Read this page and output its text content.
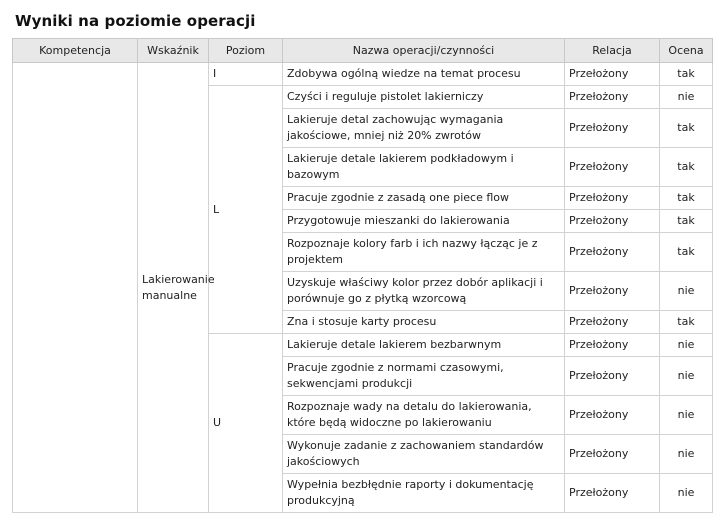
Wyniki na poziomie operacji
Kompetencja	Wskaźnik	Poziom	Nazwa operacji/czynności	Relacja	Ocena
	Lakierowanie manualne	I	Zdobywa ogólną wiedze na temat procesu	Przełożony	tak
		L	Czyści i reguluje pistolet lakierniczy	Przełożony	nie
			Lakieruje detal zachowując wymagania jakościowe, mniej niż 20% zwrotów	Przełożony	tak
			Lakieruje detale lakierem podkładowym i bazowym	Przełożony	tak
			Pracuje zgodnie z zasadą one piece flow	Przełożony	tak
			Przygotowuje mieszanki do lakierowania	Przełożony	tak
			Rozpoznaje kolory farb i ich nazwy łącząc je z projektem	Przełożony	tak
			Uzyskuje właściwy kolor przez dobór aplikacji i porównuje go z płytką wzorcową	Przełożony	nie
			Zna i stosuje karty procesu	Przełożony	tak
		U	Lakieruje detale lakierem bezbarwnym	Przełożony	nie
			Pracuje zgodnie z normami czasowymi, sekwencjami produkcji	Przełożony	nie
			Rozpoznaje wady na detalu do lakierowania, które będą widoczne po lakierowaniu	Przełożony	nie
			Wykonuje zadanie z zachowaniem standardów jakościowych	Przełożony	nie
			Wypełnia bezbłędnie raporty i dokumentację produkcyjną	Przełożony	nie
